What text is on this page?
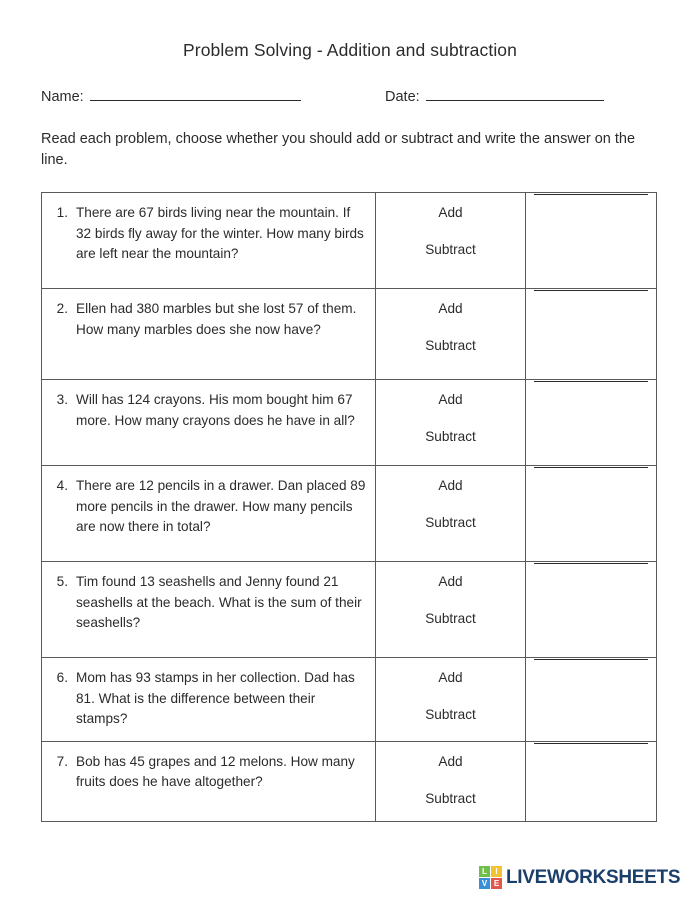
Problem Solving - Addition and subtraction
Name:	Date:
Read each problem, choose whether you should add or subtract and write the answer on the line.
1. There are 67 birds living near the mountain. If 32 birds fly away for the winter. How many birds are left near the mountain?

Add
Subtract

2. Ellen had 380 marbles but she lost 57 of them. How many marbles does she now have?

Add
Subtract

3. Will has 124 crayons. His mom bought him 67 more. How many crayons does he have in all?

Add
Subtract

4. There are 12 pencils in a drawer. Dan placed 89 more pencils in the drawer. How many pencils are now there in total?

Add
Subtract

5. Tim found 13 seashells and Jenny found 21 seashells at the beach. What is the sum of their seashells?

Add
Subtract

6. Mom has 93 stamps in her collection. Dad has 81. What is the difference between their stamps?

Add
Subtract

7. Bob has 45 grapes and 12 melons. How many fruits does he have altogether?

Add
Subtract

L	I
V E LIVEWORKSHEETS
